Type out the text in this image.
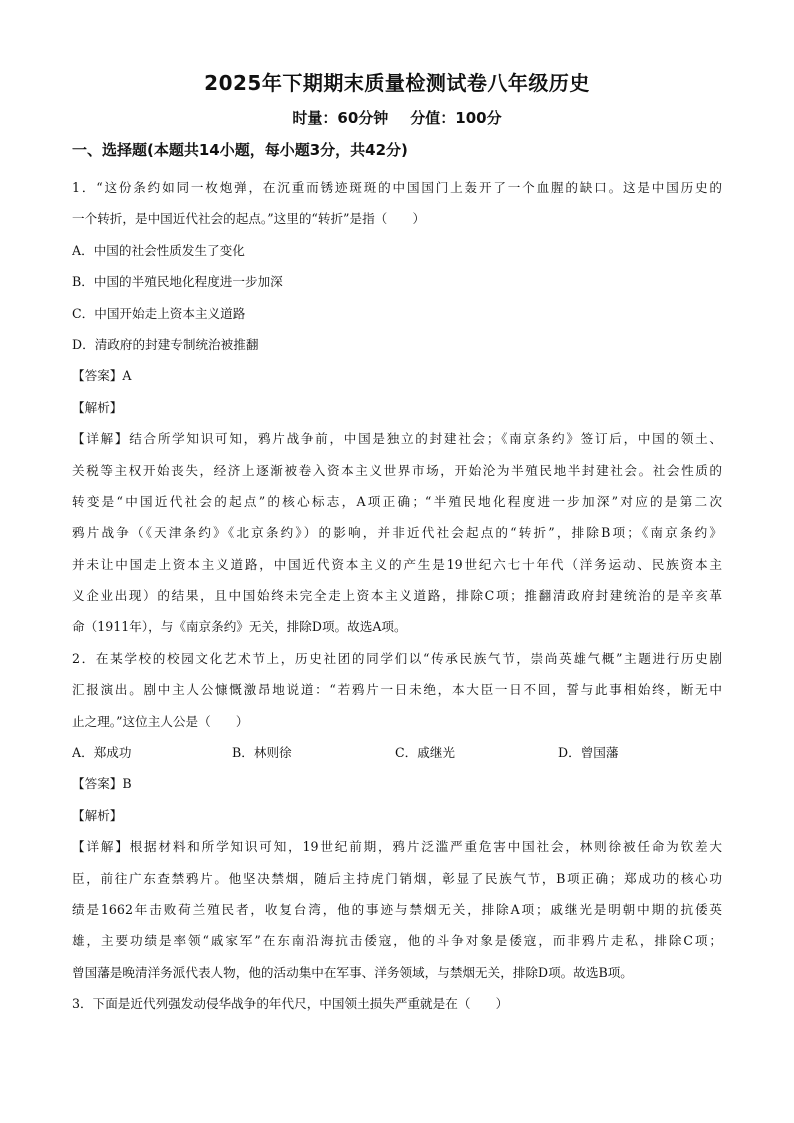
2025年下期期末质量检测试卷八年级历史
时量：60分钟 分值：100分
一、选择题(本题共14小题，每小题3分，共42分)
1．“这份条约如同一枚炮弹，在沉重而锈迹斑斑的中国国门上轰开了一个血腥的缺口。这是中国历史的
一个转折，是中国近代社会的起点。”这里的“转折”是指（　　）
A．中国的社会性质发生了变化
B．中国的半殖民地化程度进一步加深
C．中国开始走上资本主义道路
D．清政府的封建专制统治被推翻
【答案】A
【解析】
【详解】结合所学知识可知，鸦片战争前，中国是独立的封建社会；《南京条约》签订后，中国的领土、
关税等主权开始丧失，经济上逐渐被卷入资本主义世界市场，开始沦为半殖民地半封建社会。社会性质的
转变是“中国近代社会的起点”的核心标志，A项正确；“半殖民地化程度进一步加深”对应的是第二次
鸦片战争（《天津条约》《北京条约》）的影响，并非近代社会起点的“转折”，排除B项；《南京条约》
并未让中国走上资本主义道路，中国近代资本主义的产生是19世纪六七十年代（洋务运动、民族资本主
义企业出现）的结果，且中国始终未完全走上资本主义道路，排除C项；推翻清政府封建统治的是辛亥革
命（1911年），与《南京条约》无关，排除D项。故选A项。
2．在某学校的校园文化艺术节上，历史社团的同学们以“传承民族气节，崇尚英雄气概”主题进行历史剧
汇报演出。剧中主人公慷慨激昂地说道：“若鸦片一日未绝，本大臣一日不回，誓与此事相始终，断无中
止之理。”这位主人公是（　　）
A．郑成功	B．林则徐	C．戚继光	D．曾国藩
【答案】B
【解析】
【详解】根据材料和所学知识可知，19世纪前期，鸦片泛滥严重危害中国社会，林则徐被任命为钦差大
臣，前往广东查禁鸦片。他坚决禁烟，随后主持虎门销烟，彰显了民族气节，B项正确；郑成功的核心功
绩是1662年击败荷兰殖民者，收复台湾，他的事迹与禁烟无关，排除A项；戚继光是明朝中期的抗倭英
雄，主要功绩是率领“戚家军”在东南沿海抗击倭寇，他的斗争对象是倭寇，而非鸦片走私，排除C项；
曾国藩是晚清洋务派代表人物，他的活动集中在军事、洋务领域，与禁烟无关，排除D项。故选B项。
3．下面是近代列强发动侵华战争的年代尺，中国领土损失严重就是在（　　）
